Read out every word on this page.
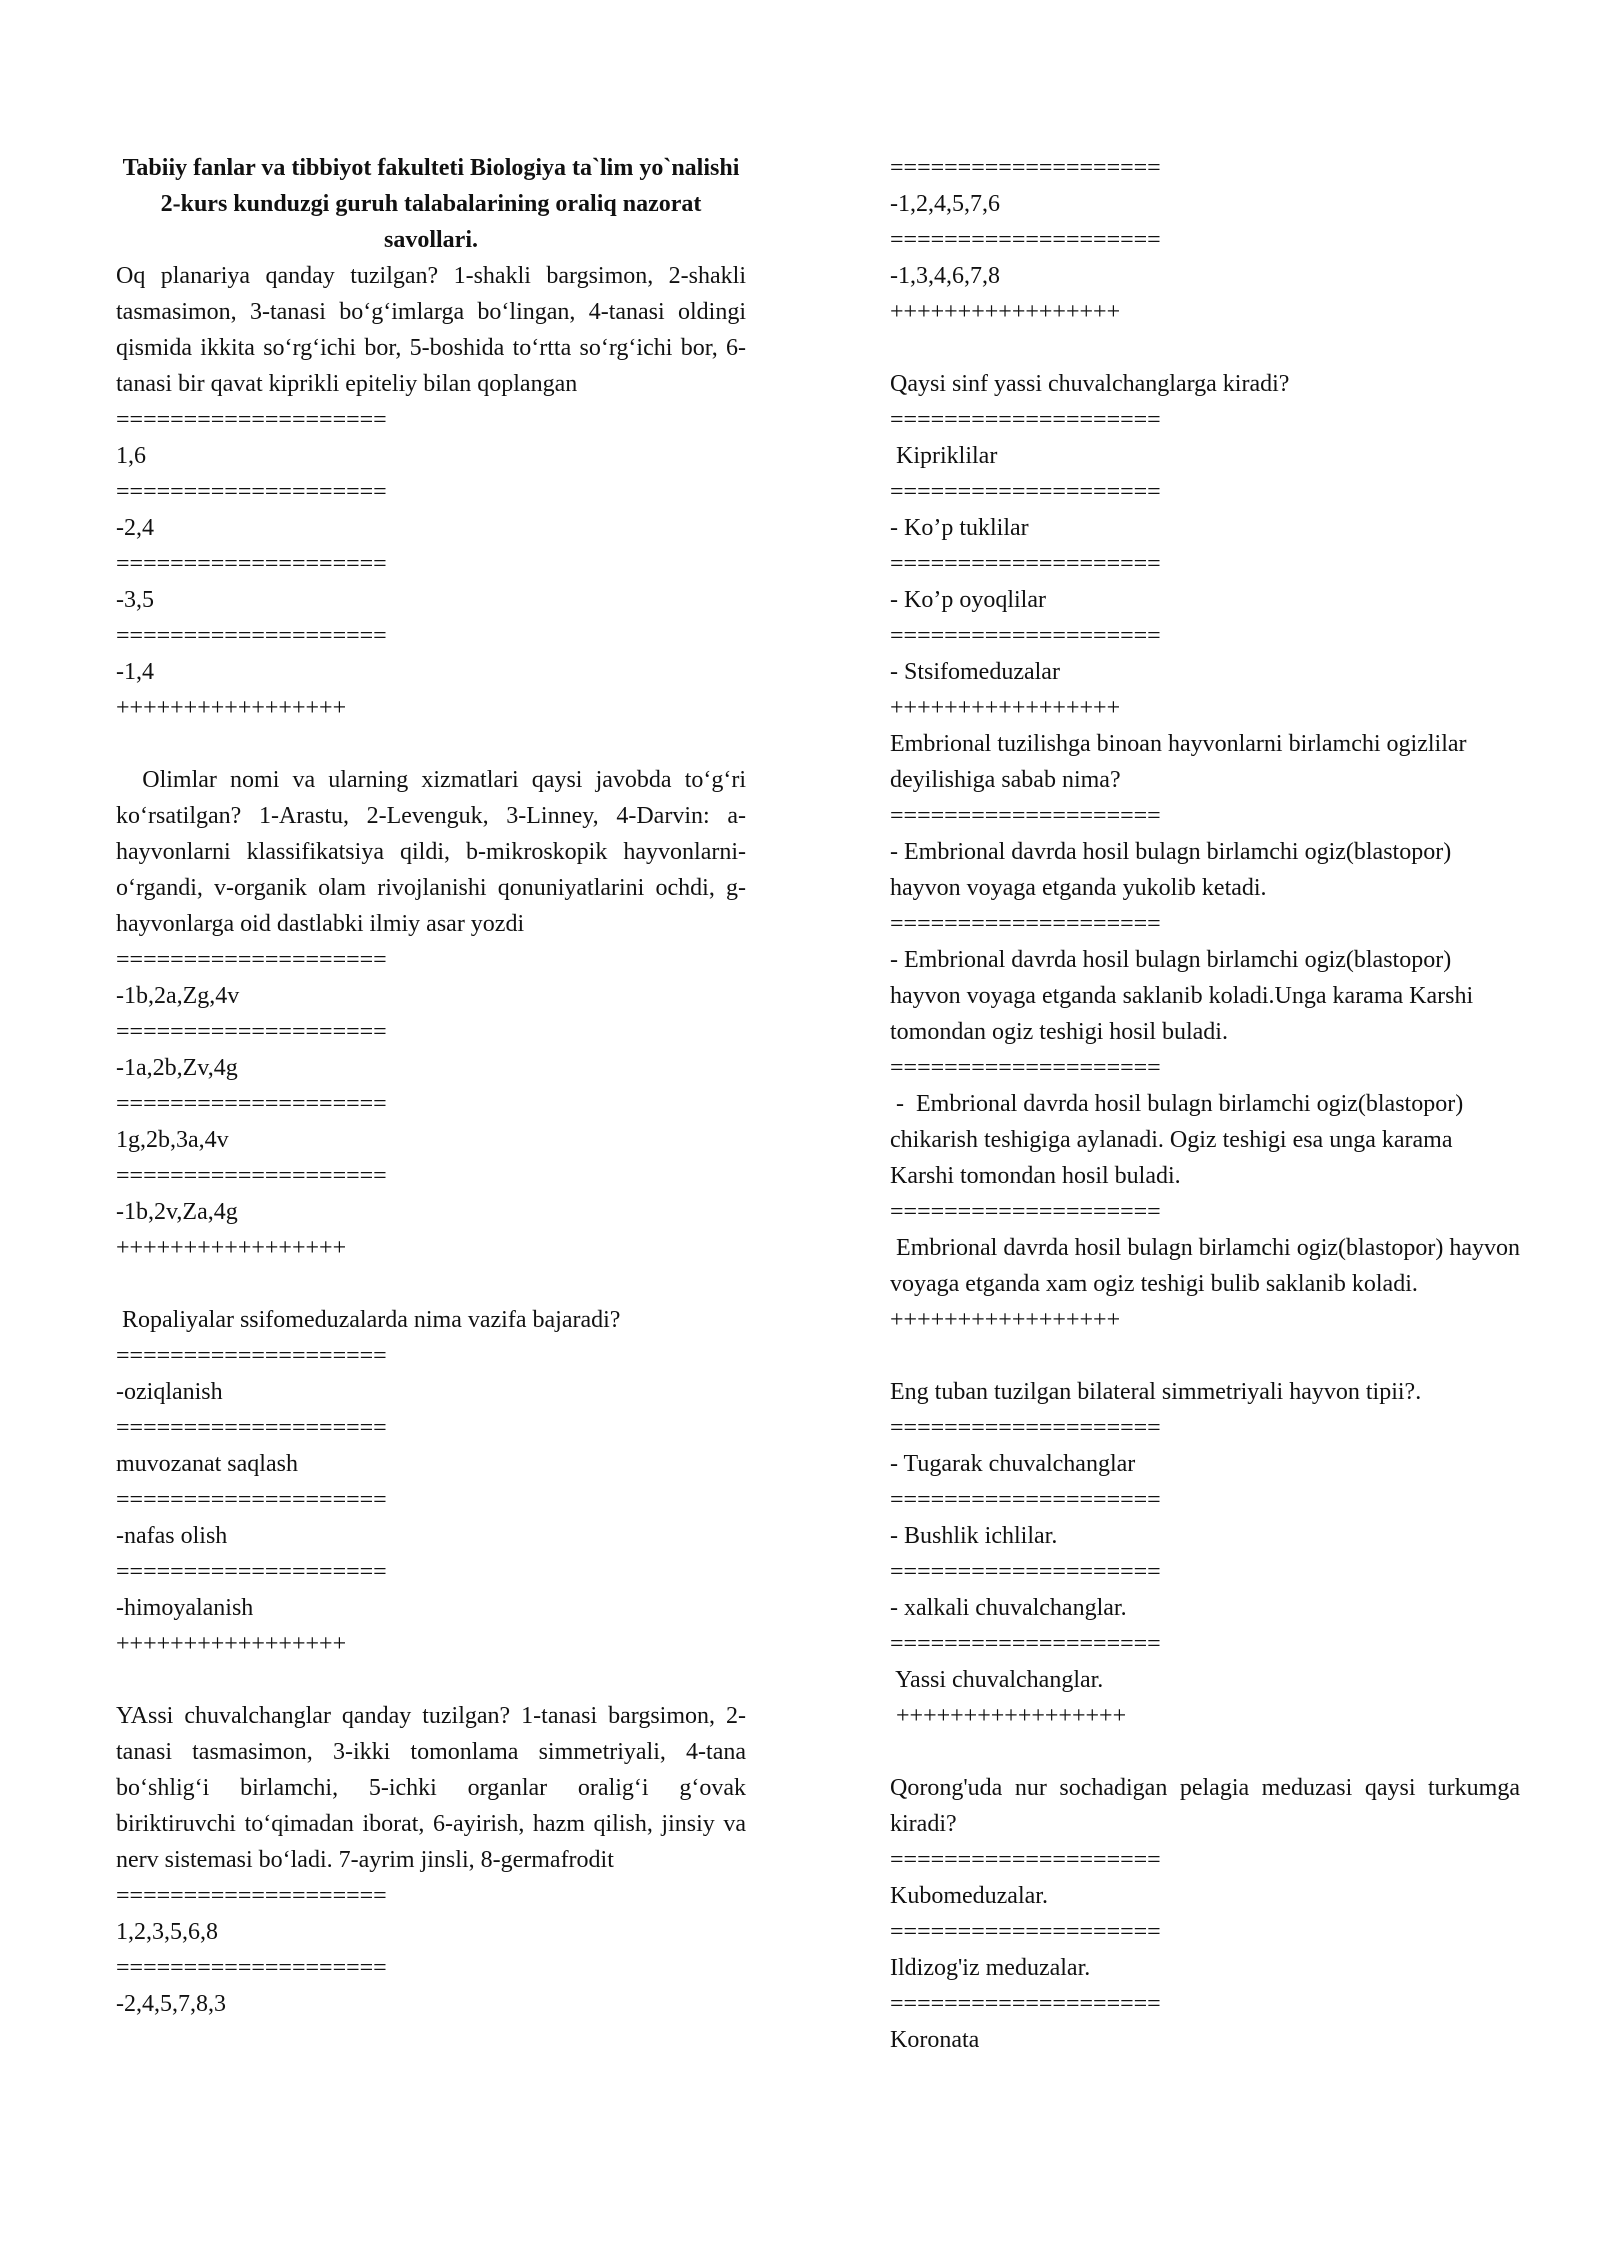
Tabiiy fanlar va tibbiyot fakulteti Biologiya ta`lim yo`nalishi 2-kurs kunduzgi guruh talabalarining oraliq nazorat savollari.

Oq planariya qanday tuzilgan? 1-shakli bargsimon, 2-shakli tasmasimon, 3-tanasi bo‘g‘imlarga bo‘lingan, 4-tanasi oldingi qismida ikkita so‘rg‘ichi bor, 5-boshida to‘rtta so‘rg‘ichi bor, 6-tanasi bir qavat kiprikli epiteliy bilan qoplangan

====================

1,6

====================

-2,4

====================

-3,5

====================

-1,4

+++++++++++++++++

Olimlar nomi va ularning xizmatlari qaysi javobda to‘g‘ri ko‘rsatilgan? 1-Arastu, 2-Levenguk, 3-Linney, 4-Darvin: a-hayvonlarni klassifikatsiya qildi, b-mikroskopik hayvonlarni-o‘rgandi, v-organik olam rivojlanishi qonuniyatlarini ochdi, g-hayvonlarga oid dastlabki ilmiy asar yozdi

====================

-1b,2a,Zg,4v

====================

-1a,2b,Zv,4g

====================

1g,2b,3a,4v

====================

-1b,2v,Za,4g

+++++++++++++++++

Ropaliyalar ssifomeduzalarda nima vazifa bajaradi?

====================

-oziqlanish

====================

muvozanat saqlash

====================

-nafas olish

====================

-himoyalanish

+++++++++++++++++

YAssi chuvalchanglar qanday tuzilgan? 1-tanasi bargsimon, 2-tanasi tasmasimon, 3-ikki tomonlama simmetriyali, 4-tana bo‘shlig‘i birlamchi, 5-ichki organlar oralig‘i g‘ovak biriktiruvchi to‘qimadan iborat, 6-ayirish, hazm qilish, jinsiy va nerv sistemasi bo‘ladi. 7-ayrim jinsli, 8-germafrodit

====================

1,2,3,5,6,8

====================

-2,4,5,7,8,3

====================

-1,2,4,5,7,6

====================

-1,3,4,6,7,8

+++++++++++++++++

Qaysi sinf yassi chuvalchanglarga kiradi?

====================

Kipriklilar

====================

- Ko’p tuklilar

====================

- Ko’p oyoqlilar

====================

- Stsifomeduzalar

+++++++++++++++++

Embrional tuzilishga binoan hayvonlarni birlamchi ogizlilar deyilishiga sabab nima?

====================

- Embrional davrda hosil bulagn birlamchi ogiz(blastopor) hayvon voyaga etganda yukolib ketadi.

====================

- Embrional davrda hosil bulagn birlamchi ogiz(blastopor) hayvon voyaga etganda saklanib koladi.Unga karama Karshi tomondan ogiz teshigi hosil buladi.

====================

-  Embrional davrda hosil bulagn birlamchi ogiz(blastopor) chikarish teshigiga aylanadi. Ogiz teshigi esa unga karama Karshi tomondan hosil buladi.

====================

Embrional davrda hosil bulagn birlamchi ogiz(blastopor) hayvon voyaga etganda xam ogiz teshigi bulib saklanib koladi.

+++++++++++++++++

Eng tuban tuzilgan bilateral simmetriyali hayvon tipii?.

====================

- Tugarak chuvalchanglar

====================

- Bushlik ichlilar.

====================

- xalkali chuvalchanglar.

====================

Yassi chuvalchanglar.

+++++++++++++++++

Qorong'uda nur sochadigan pelagia meduzasi qaysi turkumga kiradi?

====================

Kubomeduzalar.

====================

Ildizog'iz meduzalar.

====================

Koronata
